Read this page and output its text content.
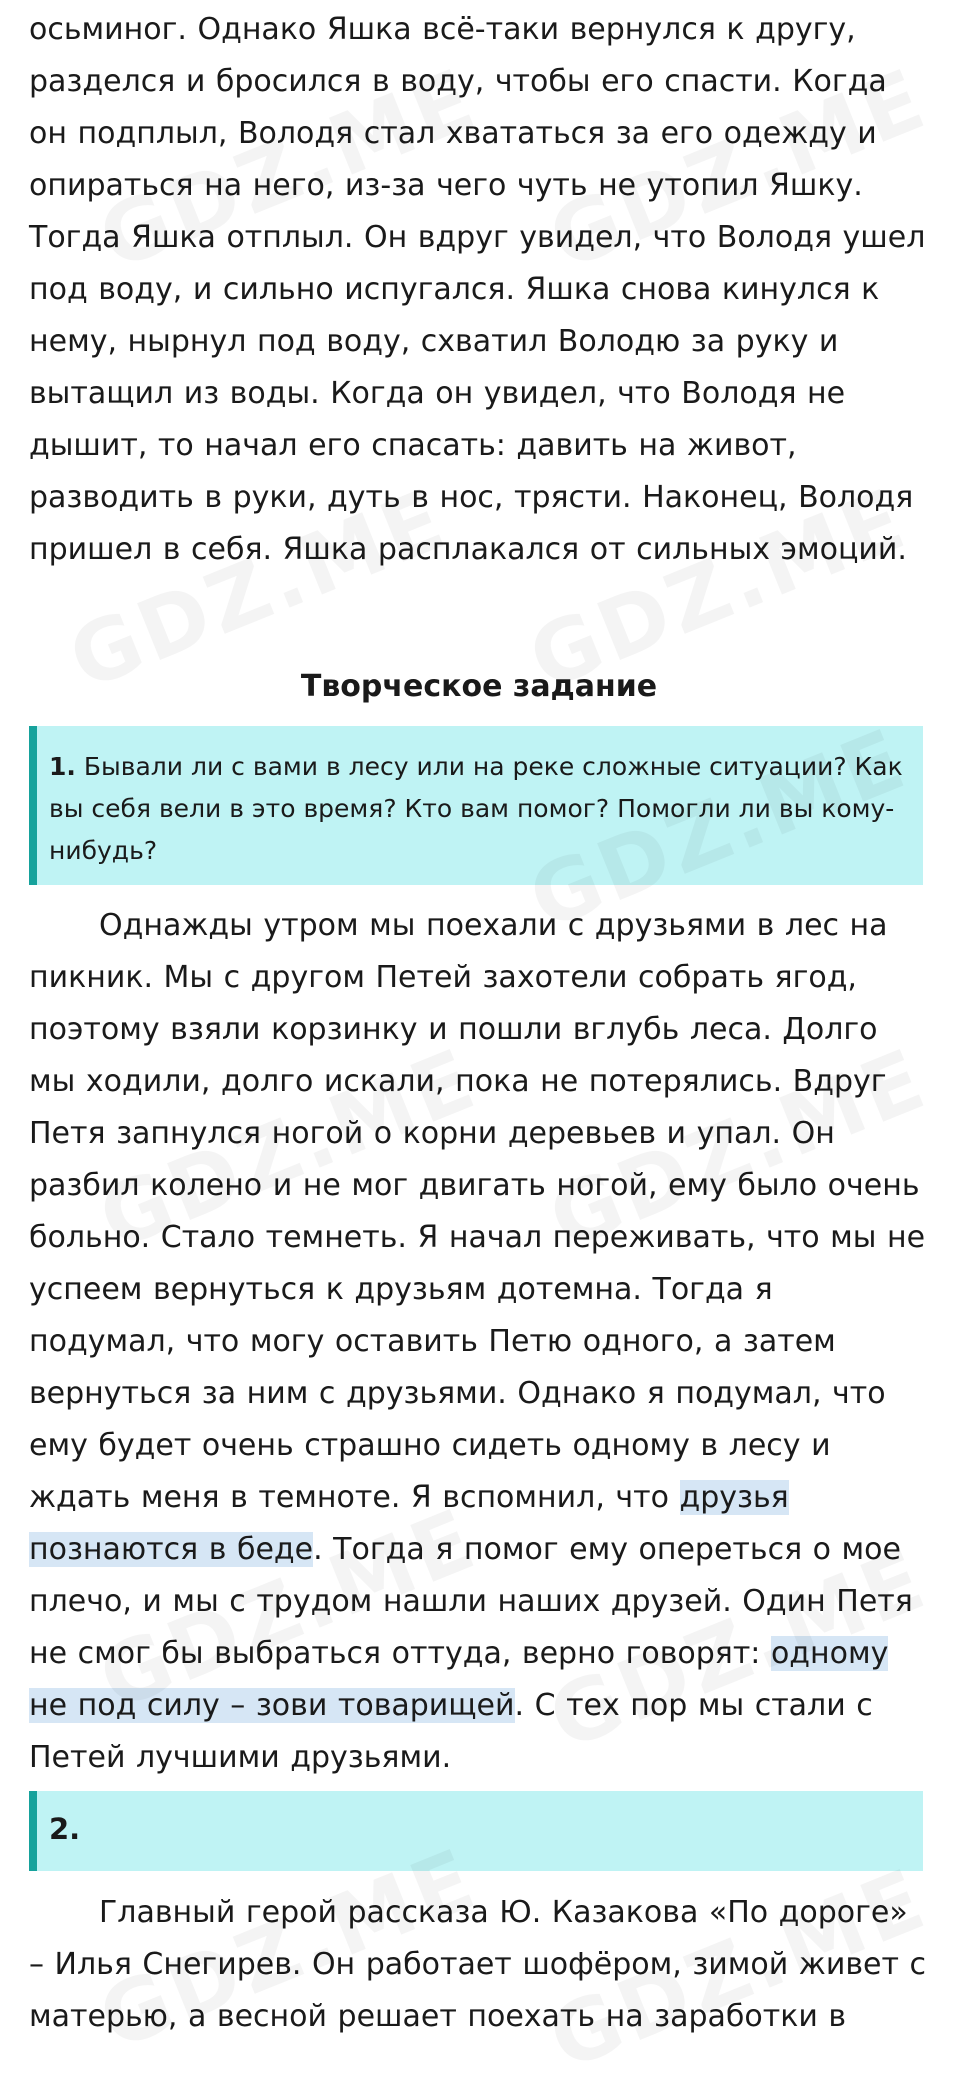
осьминог. Однако Яшка всё-таки вернулся к другу, разделся и бросился в воду, чтобы его спасти. Когда он подплыл, Володя стал хвататься за его одежду и опираться на него, из-за чего чуть не утопил Яшку. Тогда Яшка отплыл. Он вдруг увидел, что Володя ушел под воду, и сильно испугался. Яшка снова кинулся к нему, нырнул под воду, схватил Володю за руку и вытащил из воды. Когда он увидел, что Володя не дышит, то начал его спасать: давить на живот, разводить в руки, дуть в нос, трясти. Наконец, Володя пришел в себя. Яшка расплакался от сильных эмоций.

Творческое задание

1. Бывали ли с вами в лесу или на реке сложные ситуации? Как вы себя вели в это время? Кто вам помог? Помогли ли вы кому-нибудь?

Однажды утром мы поехали с друзьями в лес на пикник. Мы с другом Петей захотели собрать ягод, поэтому взяли корзинку и пошли вглубь леса. Долго мы ходили, долго искали, пока не потерялись. Вдруг Петя запнулся ногой о корни деревьев и упал. Он разбил колено и не мог двигать ногой, ему было очень больно. Стало темнеть. Я начал переживать, что мы не успеем вернуться к друзьям дотемна. Тогда я подумал, что могу оставить Петю одного, а затем вернуться за ним с друзьями. Однако я подумал, что ему будет очень страшно сидеть одному в лесу и ждать меня в темноте. Я вспомнил, что друзья познаются в беде. Тогда я помог ему опереться о мое плечо, и мы с трудом нашли наших друзей. Один Петя не смог бы выбраться оттуда, верно говорят: одному не под силу – зови товарищей. С тех пор мы стали с Петей лучшими друзьями.

2.

Главный герой рассказа Ю. Казакова «По дороге» – Илья Снегирев. Он работает шофёром, зимой живет с матерью, а весной решает поехать на заработки в
